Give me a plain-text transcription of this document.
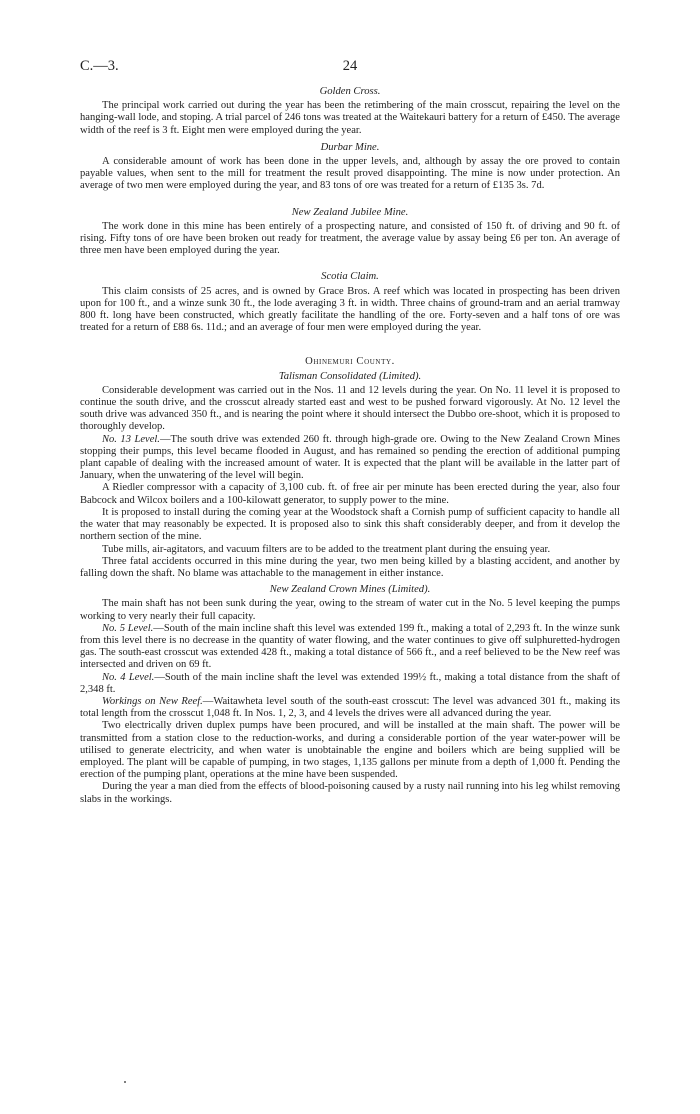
C.—3.	24
Golden Cross.

The principal work carried out during the year has been the retimbering of the main crosscut, repairing the level on the hanging-wall lode, and stoping. A trial parcel of 246 tons was treated at the Waitekauri battery for a return of £450. The average width of the reef is 3 ft. Eight men were employed during the year.

Durbar Mine.

A considerable amount of work has been done in the upper levels, and, although by assay the ore proved to contain payable values, when sent to the mill for treatment the result proved disappointing. The mine is now under protection. An average of two men were employed during the year, and 83 tons of ore was treated for a return of £135 3s. 7d.

New Zealand Jubilee Mine.

The work done in this mine has been entirely of a prospecting nature, and consisted of 150 ft. of driving and 90 ft. of rising. Fifty tons of ore have been broken out ready for treatment, the average value by assay being £6 per ton. An average of three men have been employed during the year.

Scotia Claim.

This claim consists of 25 acres, and is owned by Grace Bros. A reef which was located in prospecting has been driven upon for 100 ft., and a winze sunk 30 ft., the lode averaging 3 ft. in width. Three chains of ground-tram and an aerial tramway 800 ft. long have been constructed, which greatly facilitate the handling of the ore. Forty-seven and a half tons of ore was treated for a return of £88 6s. 11d.; and an average of four men were employed during the year.

Ohinemuri County.
Talisman Consolidated (Limited).

Considerable development was carried out in the Nos. 11 and 12 levels during the year. On No. 11 level it is proposed to continue the south drive, and the crosscut already started east and west to be pushed forward vigorously. At No. 12 level the south drive was advanced 350 ft., and is nearing the point where it should intersect the Dubbo ore-shoot, which it is proposed to thoroughly develop.

No. 13 Level.—The south drive was extended 260 ft. through high-grade ore. Owing to the New Zealand Crown Mines stopping their pumps, this level became flooded in August, and has remained so pending the erection of additional pumping plant capable of dealing with the increased amount of water. It is expected that the plant will be available in the latter part of January, when the unwatering of the level will begin.

A Riedler compressor with a capacity of 3,100 cub. ft. of free air per minute has been erected during the year, also four Babcock and Wilcox boilers and a 100-kilowatt generator, to supply power to the mine.

It is proposed to install during the coming year at the Woodstock shaft a Cornish pump of sufficient capacity to handle all the water that may reasonably be expected. It is proposed also to sink this shaft considerably deeper, and from it develop the northern section of the mine.

Tube mills, air-agitators, and vacuum filters are to be added to the treatment plant during the ensuing year.

Three fatal accidents occurred in this mine during the year, two men being killed by a blasting accident, and another by falling down the shaft. No blame was attachable to the management in either instance.

New Zealand Crown Mines (Limited).

The main shaft has not been sunk during the year, owing to the stream of water cut in the No. 5 level keeping the pumps working to very nearly their full capacity.

No. 5 Level.—South of the main incline shaft this level was extended 199 ft., making a total of 2,293 ft. In the winze sunk from this level there is no decrease in the quantity of water flowing, and the water continues to give off sulphuretted-hydrogen gas. The south-east crosscut was extended 428 ft., making a total distance of 566 ft., and a reef believed to be the New reef was intersected and driven on 69 ft.

No. 4 Level.—South of the main incline shaft the level was extended 199½ ft., making a total distance from the shaft of 2,348 ft.

Workings on New Reef.—Waitawheta level south of the south-east crosscut: The level was advanced 301 ft., making its total length from the crosscut 1,048 ft. In Nos. 1, 2, 3, and 4 levels the drives were all advanced during the year.

Two electrically driven duplex pumps have been procured, and will be installed at the main shaft. The power will be transmitted from a station close to the reduction-works, and during a considerable portion of the year water-power will be utilised to generate electricity, and when water is unobtainable the engine and boilers which are being supplied will be employed. The plant will be capable of pumping, in two stages, 1,135 gallons per minute from a depth of 1,000 ft. Pending the erection of the pumping plant, operations at the mine have been suspended.

During the year a man died from the effects of blood-poisoning caused by a rusty nail running into his leg whilst removing slabs in the workings.
